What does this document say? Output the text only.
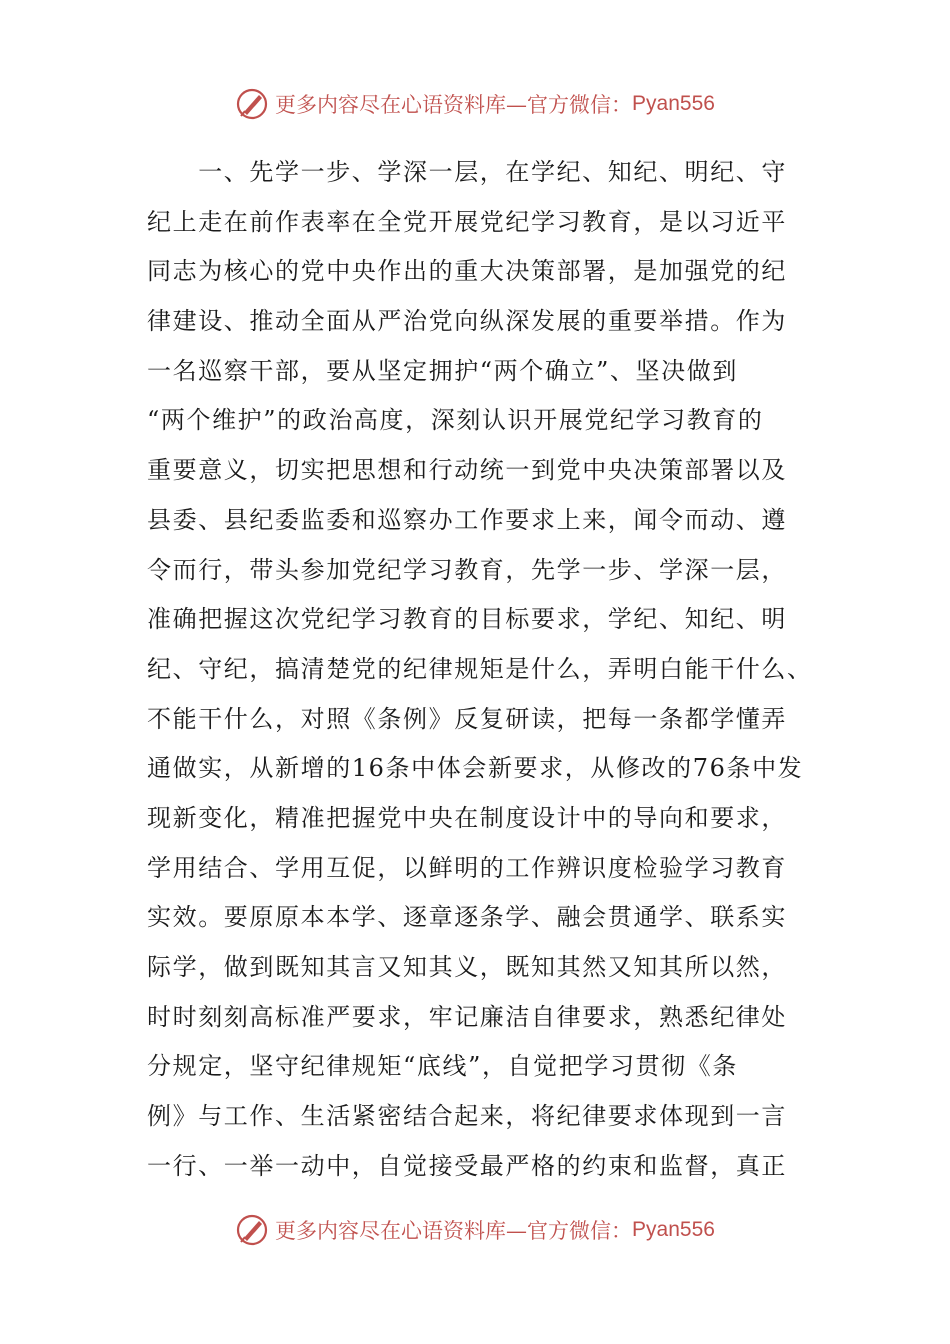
更多内容尽在心语资料库—官方微信： Pyan556
　　一、先学一步、学深一层，在学纪、知纪、明纪、守
纪上走在前作表率在全党开展党纪学习教育，是以习近平
同志为核心的党中央作出的重大决策部署，是加强党的纪
律建设、推动全面从严治党向纵深发展的重要举措。作为
一名巡察干部，要从坚定拥护“两个确立”、坚决做到
“两个维护”的政治高度，深刻认识开展党纪学习教育的
重要意义，切实把思想和行动统一到党中央决策部署以及
县委、县纪委监委和巡察办工作要求上来，闻令而动、遵
令而行，带头参加党纪学习教育，先学一步、学深一层，
准确把握这次党纪学习教育的目标要求，学纪、知纪、明
纪、守纪，搞清楚党的纪律规矩是什么，弄明白能干什么、
不能干什么，对照《条例》反复研读，把每一条都学懂弄
通做实，从新增的16条中体会新要求，从修改的76条中发
现新变化，精准把握党中央在制度设计中的导向和要求，
学用结合、学用互促，以鲜明的工作辨识度检验学习教育
实效。要原原本本学、逐章逐条学、融会贯通学、联系实
际学，做到既知其言又知其义，既知其然又知其所以然，
时时刻刻高标准严要求，牢记廉洁自律要求，熟悉纪律处
分规定，坚守纪律规矩“底线”，自觉把学习贯彻《条
例》与工作、生活紧密结合起来，将纪律要求体现到一言
一行、一举一动中，自觉接受最严格的约束和监督，真正
更多内容尽在心语资料库—官方微信： Pyan556
